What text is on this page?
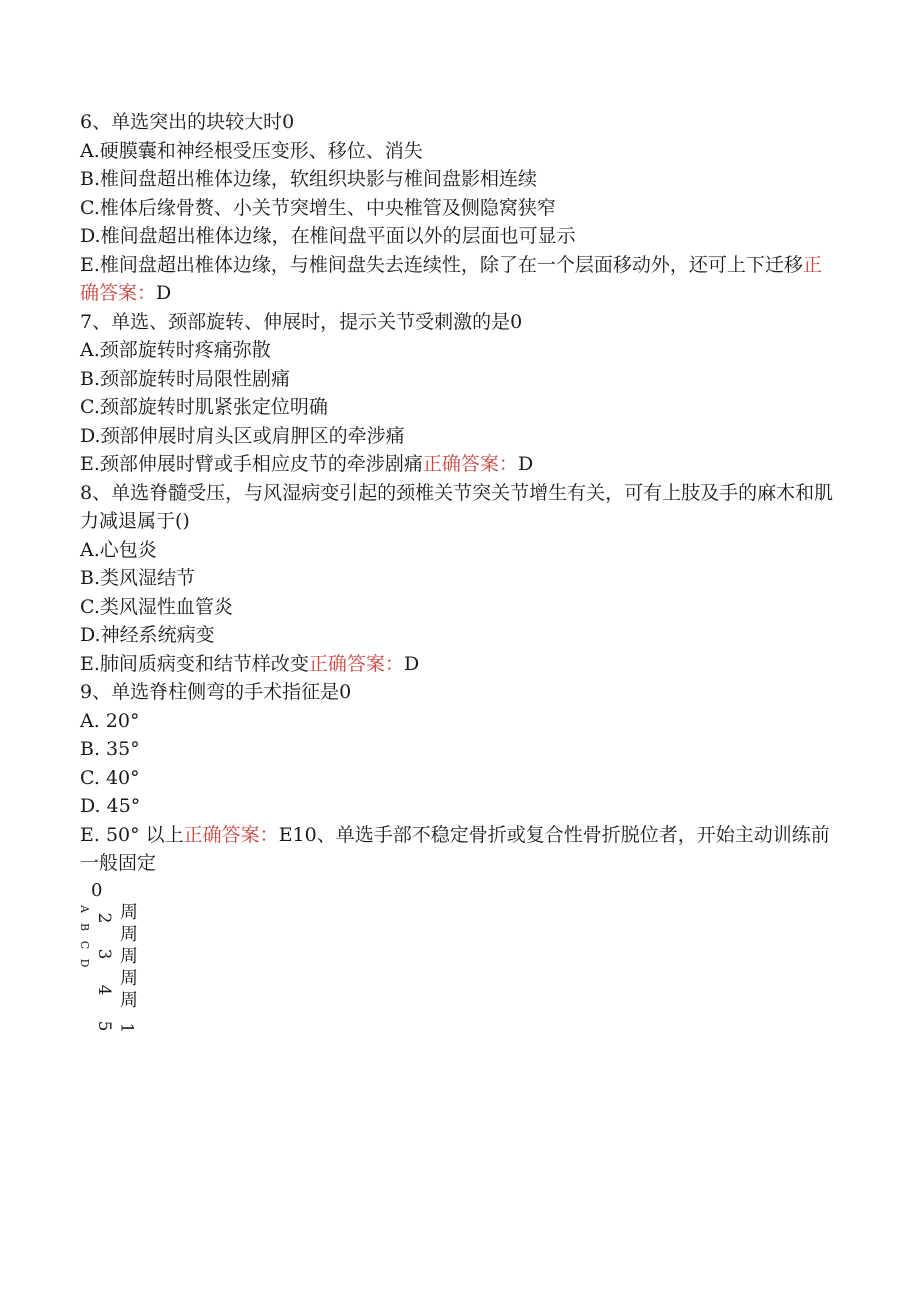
6、单选突出的块较大时0
A.硬膜囊和神经根受压变形、移位、消失
B.椎间盘超出椎体边缘，软组织块影与椎间盘影相连续
C.椎体后缘骨赘、小关节突增生、中央椎管及侧隐窝狭窄
D.椎间盘超出椎体边缘，在椎间盘平面以外的层面也可显示
E.椎间盘超出椎体边缘，与椎间盘失去连续性，除了在一个层面移动外，还可上下迁移正确答案：D
7、单选、颈部旋转、伸展时，提示关节受刺激的是0
A.颈部旋转时疼痛弥散
B.颈部旋转时局限性剧痛
C.颈部旋转时肌紧张定位明确
D.颈部伸展时肩头区或肩胛区的牵涉痛
E.颈部伸展时臂或手相应皮节的牵涉剧痛正确答案：D
8、单选脊髓受压，与风湿病变引起的颈椎关节突关节增生有关，可有上肢及手的麻木和肌力减退属于()
A.心包炎
B.类风湿结节
C.类风湿性血管炎
D.神经系统病变
E.肺间质病变和结节样改变正确答案：D
9、单选脊柱侧弯的手术指征是0
A. 20°
B. 35°
C. 40°
D. 45°
E. 50° 以上正确答案：E10、单选手部不稳定骨折或复合性骨折脱位者，开始主动训练前一般固定
0
A
B
C
D
2
3
4
5
周
周
周
周
周
1
